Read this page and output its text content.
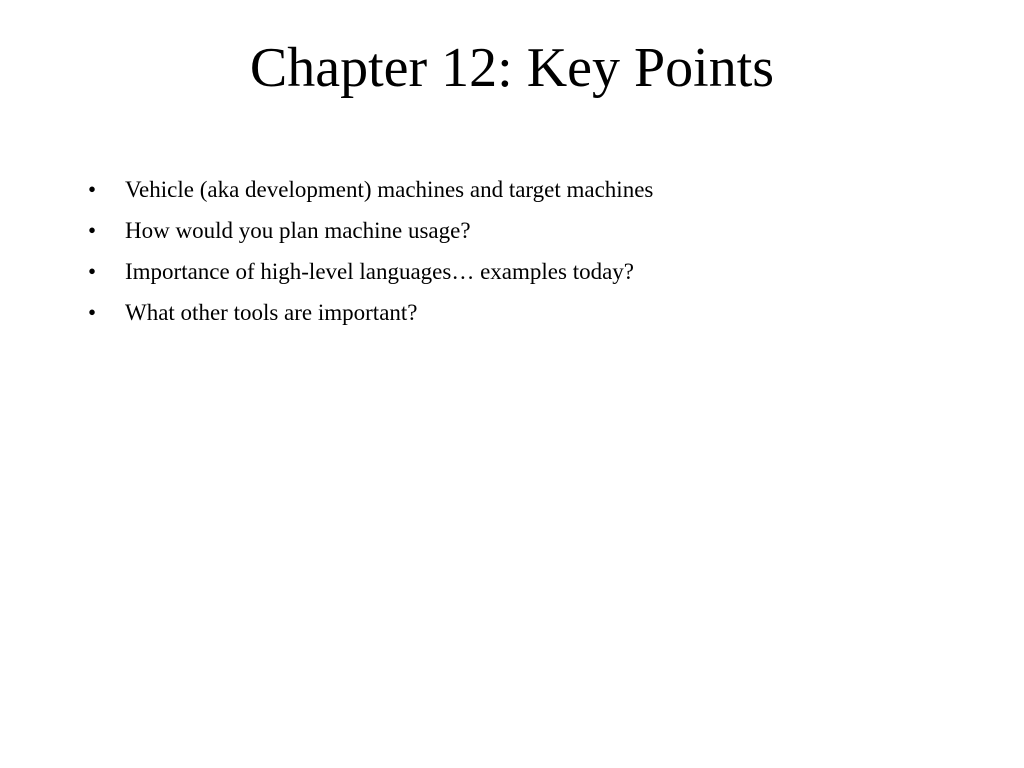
Chapter 12: Key Points
•	Vehicle (aka development) machines and target machines
•	How would you plan machine usage?
•	Importance of high-level languages… examples today?
•	What other tools are important?
